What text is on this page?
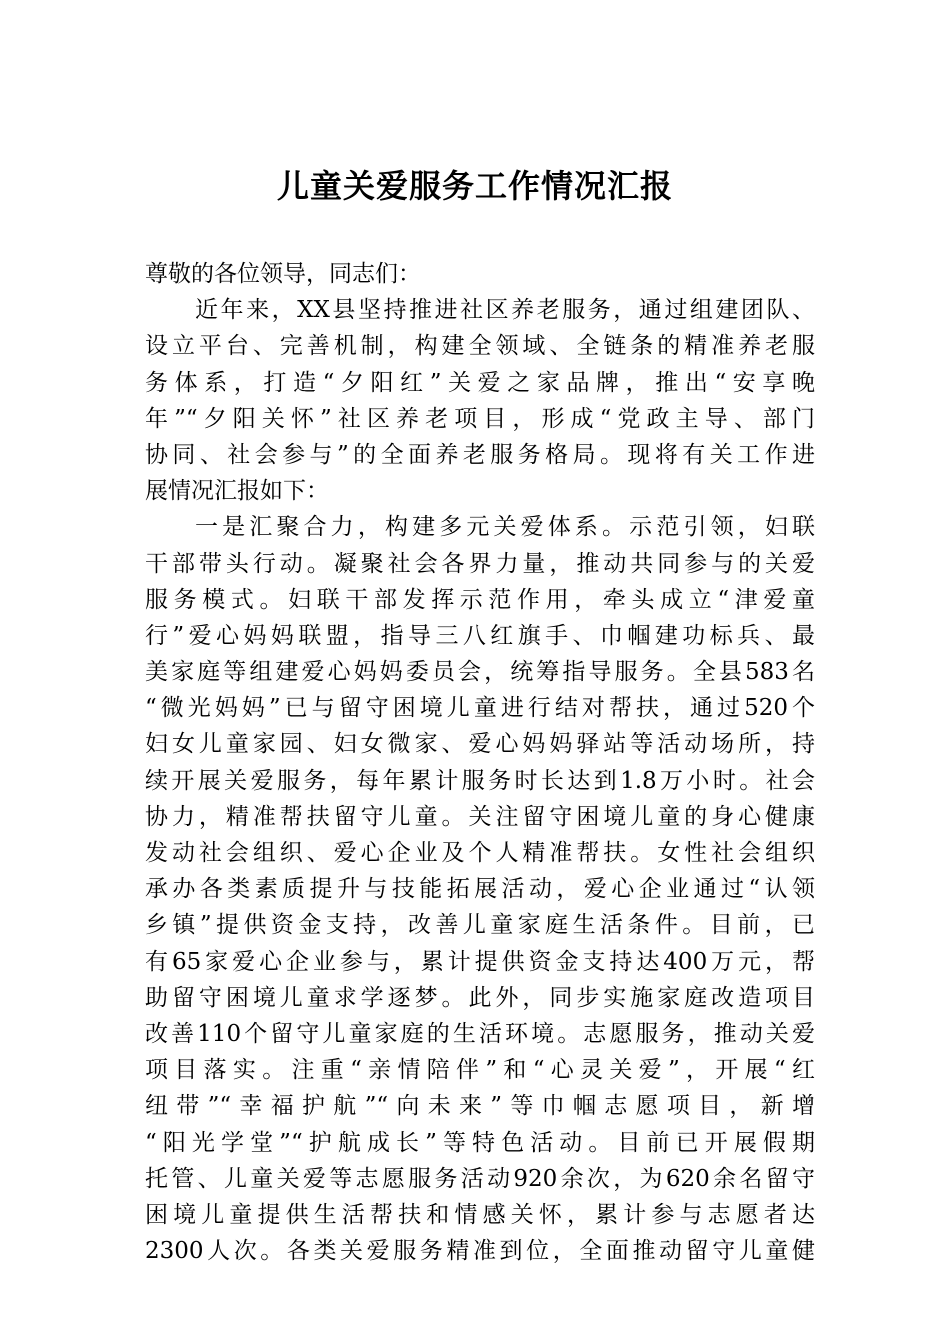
儿童关爱服务工作情况汇报
尊敬的各位领导，同志们：
近年来，XX县坚持推进社区养老服务，通过组建团队、
设立平台、完善机制，构建全领域、全链条的精准养老服
务体系，打造“夕阳红”关爱之家品牌，推出“安享晚
年”“夕阳关怀”社区养老项目，形成“党政主导、部门
协同、社会参与”的全面养老服务格局。现将有关工作进
展情况汇报如下：
一是汇聚合力，构建多元关爱体系。示范引领，妇联
干部带头行动。凝聚社会各界力量，推动共同参与的关爱
服务模式。妇联干部发挥示范作用，牵头成立“津爱童
行”爱心妈妈联盟，指导三八红旗手、巾帼建功标兵、最
美家庭等组建爱心妈妈委员会，统筹指导服务。全县583名
“微光妈妈”已与留守困境儿童进行结对帮扶，通过520个
妇女儿童家园、妇女微家、爱心妈妈驿站等活动场所，持
续开展关爱服务，每年累计服务时长达到1.8万小时。社会
协力，精准帮扶留守儿童。关注留守困境儿童的身心健康
发动社会组织、爱心企业及个人精准帮扶。女性社会组织
承办各类素质提升与技能拓展活动，爱心企业通过“认领
乡镇”提供资金支持，改善儿童家庭生活条件。目前，已
有65家爱心企业参与，累计提供资金支持达400万元，帮
助留守困境儿童求学逐梦。此外，同步实施家庭改造项目
改善110个留守儿童家庭的生活环境。志愿服务，推动关爱
项目落实。注重“亲情陪伴”和“心灵关爱”，开展“红
纽带”“幸福护航”“向未来”等巾帼志愿项目，新增
“阳光学堂”“护航成长”等特色活动。目前已开展假期
托管、儿童关爱等志愿服务活动920余次，为620余名留守
困境儿童提供生活帮扶和情感关怀，累计参与志愿者达
2300人次。各类关爱服务精准到位，全面推动留守儿童健
